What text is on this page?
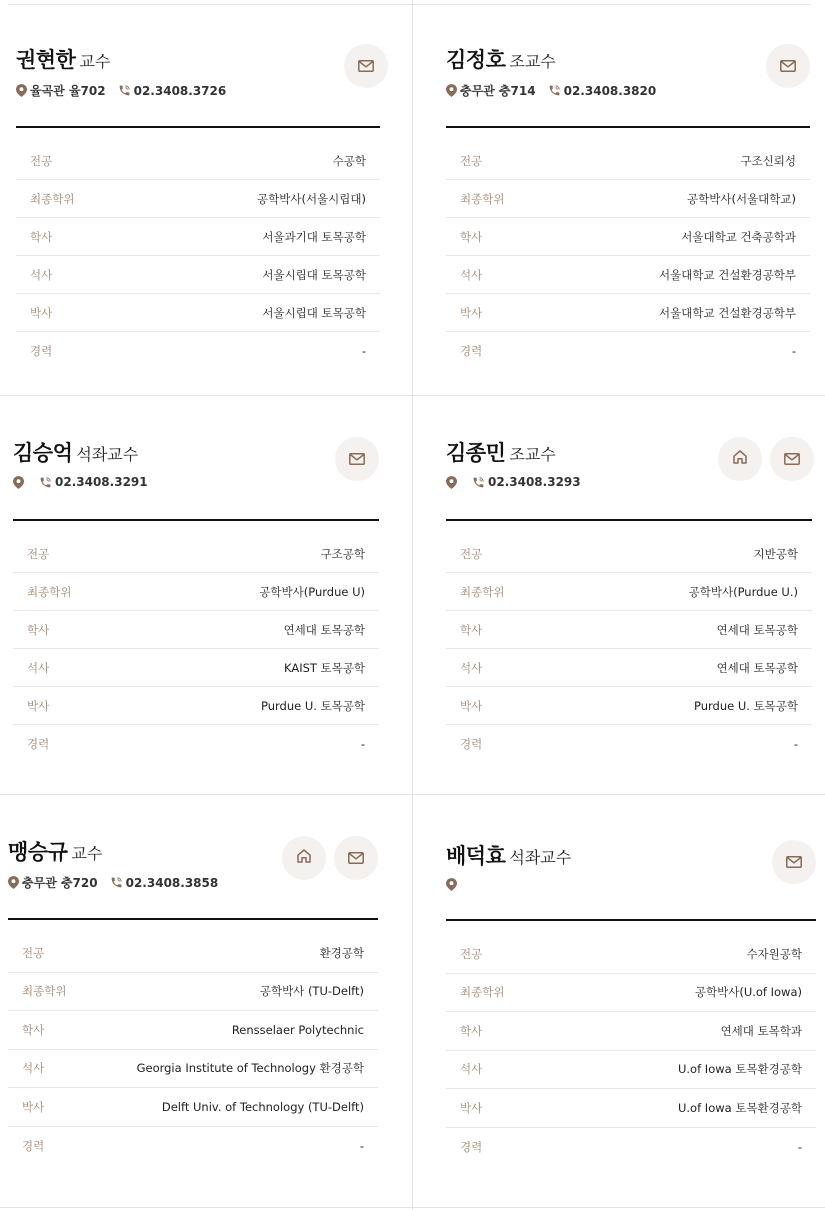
권현한 교수
율곡관 율702 02.3408.3726
전공	수공학
최종학위	공학박사(서울시립대)
학사	서울과기대 토목공학
석사	서울시립대 토목공학
박사	서울시립대 토목공학
경력	-
김정호 조교수
충무관 충714 02.3408.3820
전공	구조신뢰성
최종학위	공학박사(서울대학교)
학사	서울대학교 건축공학과
석사	서울대학교 건설환경공학부
박사	서울대학교 건설환경공학부
경력	-
김승억 석좌교수
02.3408.3291
전공	구조공학
최종학위	공학박사(Purdue U)
학사	연세대 토목공학
석사	KAIST 토목공학
박사	Purdue U. 토목공학
경력	-
김종민 조교수
02.3408.3293
전공	지반공학
최종학위	공학박사(Purdue U.)
학사	연세대 토목공학
석사	연세대 토목공학
박사	Purdue U. 토목공학
경력	-
맹승규 교수
충무관 충720 02.3408.3858
전공	환경공학
최종학위	공학박사 (TU-Delft)
학사	Rensselaer Polytechnic
석사	Georgia Institute of Technology 환경공학
박사	Delft Univ. of Technology (TU-Delft)
경력	-
배덕효 석좌교수
전공	수자원공학
최종학위	공학박사(U.of Iowa)
학사	연세대 토목학과
석사	U.of Iowa 토목환경공학
박사	U.of Iowa 토목환경공학
경력	-
